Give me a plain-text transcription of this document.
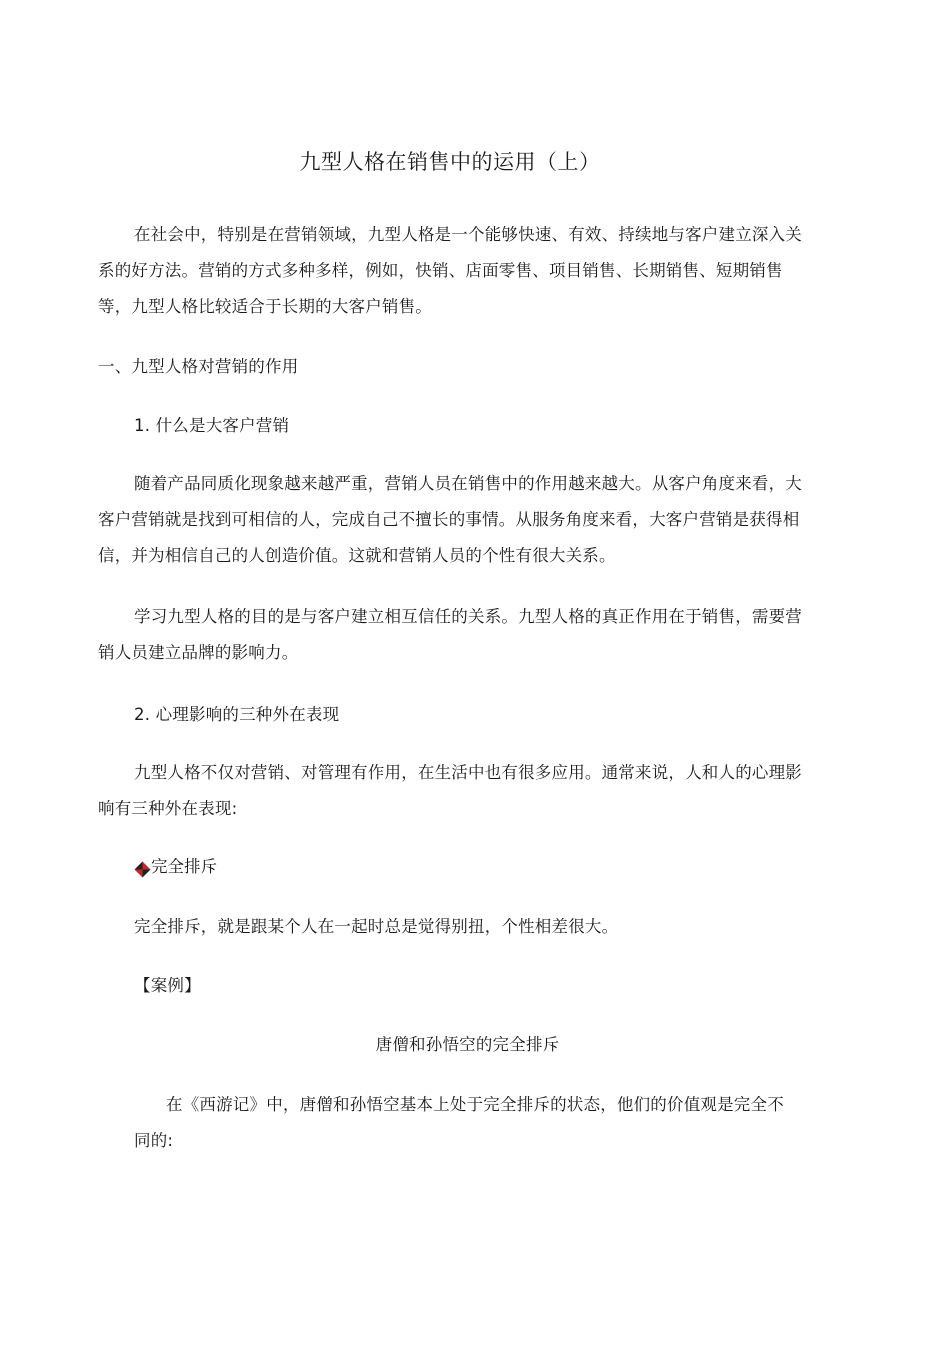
九型人格在销售中的运用（上）
在社会中，特别是在营销领域，九型人格是一个能够快速、有效、持续地与客户建立深入关系的好方法。营销的方式多种多样，例如，快销、店面零售、项目销售、长期销售、短期销售等，九型人格比较适合于长期的大客户销售。
一、九型人格对营销的作用
1. 什么是大客户营销
随着产品同质化现象越来越严重，营销人员在销售中的作用越来越大。从客户角度来看，大客户营销就是找到可相信的人，完成自己不擅长的事情。从服务角度来看，大客户营销是获得相信，并为相信自己的人创造价值。这就和营销人员的个性有很大关系。
学习九型人格的目的是与客户建立相互信任的关系。九型人格的真正作用在于销售，需要营销人员建立品牌的影响力。
2. 心理影响的三种外在表现
九型人格不仅对营销、对管理有作用，在生活中也有很多应用。通常来说，人和人的心理影响有三种外在表现:
完全排斥
完全排斥，就是跟某个人在一起时总是觉得别扭，个性相差很大。
【案例】
唐僧和孙悟空的完全排斥
在《西游记》中，唐僧和孙悟空基本上处于完全排斥的状态，他们的价值观是完全不同的:
